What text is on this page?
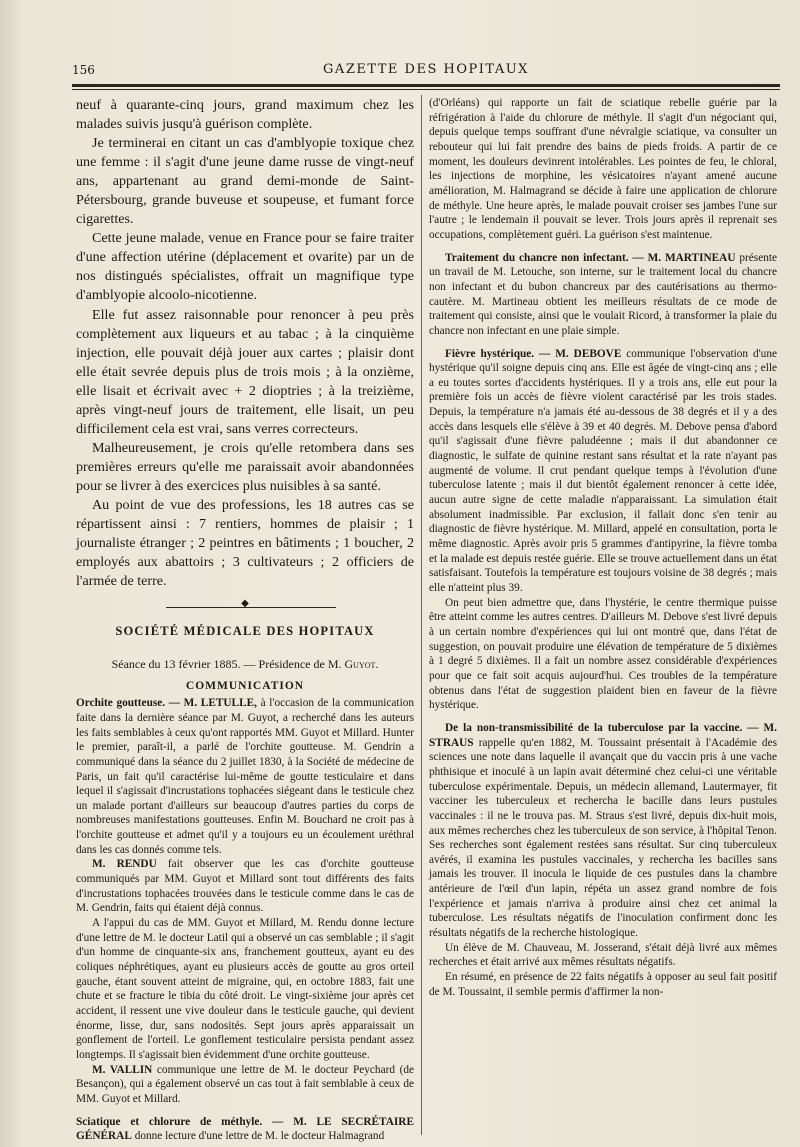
156	GAZETTE DES HOPITAUX

neuf à quarante-cinq jours, grand maximum chez les malades suivis jusqu'à guérison complète.

Je terminerai en citant un cas d'amblyopie toxique chez une femme : il s'agit d'une jeune dame russe de vingt-neuf ans, appartenant au grand demi-monde de Saint-Pétersbourg, grande buveuse et soupeuse, et fumant force cigarettes.

Cette jeune malade, venue en France pour se faire traiter d'une affection utérine (déplacement et ovarite) par un de nos distingués spécialistes, offrait un magnifique type d'amblyopie alcoolo-nicotienne.

Elle fut assez raisonnable pour renoncer à peu près complètement aux liqueurs et au tabac ; à la cinquième injection, elle pouvait déjà jouer aux cartes ; plaisir dont elle était sevrée depuis plus de trois mois ; à la onzième, elle lisait et écrivait avec + 2 dioptries ; à la treizième, après vingt-neuf jours de traitement, elle lisait, un peu difficilement cela est vrai, sans verres correcteurs.

Malheureusement, je crois qu'elle retombera dans ses premières erreurs qu'elle me paraissait avoir abandonnées pour se livrer à des exercices plus nuisibles à sa santé.

Au point de vue des professions, les 18 autres cas se répartissent ainsi : 7 rentiers, hommes de plaisir ; 1 journaliste étranger ; 2 peintres en bâtiments ; 1 boucher, 2 employés aux abattoirs ; 3 cultivateurs ; 2 officiers de l'armée de terre.

◆
SOCIÉTÉ MÉDICALE DES HOPITAUX
Séance du 13 février 1885. — Présidence de M. Guyot.
COMMUNICATION

Orchite goutteuse. — M. LETULLE, à l'occasion de la communication faite dans la dernière séance par M. Guyot, a recherché dans les auteurs les faits semblables à ceux qu'ont rapportés MM. Guyot et Millard. Hunter le premier, paraît-il, a parlé de l'orchite goutteuse. M. Gendrin a communiqué dans la séance du 2 juillet 1830, à la Société de médecine de Paris, un fait qu'il caractérise lui-même de goutte testiculaire et dans lequel il s'agissait d'incrustations tophacées siégeant dans le testicule chez un malade portant d'ailleurs sur beaucoup d'autres parties du corps de nombreuses manifestations goutteuses. Enfin M. Bouchard ne croit pas à l'orchite goutteuse et admet qu'il y a toujours eu un écoulement uréthral dans les cas donnés comme tels.

M. RENDU fait observer que les cas d'orchite goutteuse communiqués par MM. Guyot et Millard sont tout différents des faits d'incrustations tophacées trouvées dans le testicule comme dans le cas de M. Gendrin, faits qui étaient déjà connus.

A l'appui du cas de MM. Guyot et Millard, M. Rendu donne lecture d'une lettre de M. le docteur Latil qui a observé un cas semblable ; il s'agit d'un homme de cinquante-six ans, franchement goutteux, ayant eu des coliques néphrétiques, ayant eu plusieurs accès de goutte au gros orteil gauche, étant souvent atteint de migraine, qui, en octobre 1883, fait une chute et se fracture le tibia du côté droit. Le vingt-sixième jour après cet accident, il ressent une vive douleur dans le testicule gauche, qui devient énorme, lisse, dur, sans nodosités. Sept jours après apparaissait un gonflement de l'orteil. Le gonflement testiculaire persista pendant assez longtemps. Il s'agissait bien évidemment d'une orchite goutteuse.

M. VALLIN communique une lettre de M. le docteur Peychard (de Besançon), qui a également observé un cas tout à fait semblable à ceux de MM. Guyot et Millard.

Sciatique et chlorure de méthyle. — M. LE SECRÉTAIRE GÉNÉRAL donne lecture d'une lettre de M. le docteur Halmagrand

(d'Orléans) qui rapporte un fait de sciatique rebelle guérie par la réfrigération à l'aide du chlorure de méthyle. Il s'agit d'un négociant qui, depuis quelque temps souffrant d'une névralgie sciatique, va consulter un rebouteur qui lui fait prendre des bains de pieds froids. A partir de ce moment, les douleurs devinrent intolérables. Les pointes de feu, le chloral, les injections de morphine, les vésicatoires n'ayant amené aucune amélioration, M. Halmagrand se décide à faire une application de chlorure de méthyle. Une heure après, le malade pouvait croiser ses jambes l'une sur l'autre ; le lendemain il pouvait se lever. Trois jours après il reprenait ses occupations, complètement guéri. La guérison s'est maintenue.

Traitement du chancre non infectant. — M. MARTINEAU présente un travail de M. Letouche, son interne, sur le traitement local du chancre non infectant et du bubon chancreux par des cautérisations au thermo-cautère. M. Martineau obtient les meilleurs résultats de ce mode de traitement qui consiste, ainsi que le voulait Ricord, à transformer la plaie du chancre non infectant en une plaie simple.

Fièvre hystérique. — M. DEBOVE communique l'observation d'une hystérique qu'il soigne depuis cinq ans. Elle est âgée de vingt-cinq ans ; elle a eu toutes sortes d'accidents hystériques. Il y a trois ans, elle eut pour la première fois un accès de fièvre violent caractérisé par les trois stades. Depuis, la température n'a jamais été au-dessous de 38 degrés et il y a des accès dans lesquels elle s'élève à 39 et 40 degrés. M. Debove pensa d'abord qu'il s'agissait d'une fièvre paludéenne ; mais il dut abandonner ce diagnostic, le sulfate de quinine restant sans résultat et la rate n'ayant pas augmenté de volume. Il crut pendant quelque temps à l'évolution d'une tuberculose latente ; mais il dut bientôt également renoncer à cette idée, aucun autre signe de cette maladie n'apparaissant. La simulation était absolument inadmissible. Par exclusion, il fallait donc s'en tenir au diagnostic de fièvre hystérique. M. Millard, appelé en consultation, porta le même diagnostic. Après avoir pris 5 grammes d'antipyrine, la fièvre tomba et la malade est depuis restée guérie. Elle se trouve actuellement dans un état satisfaisant. Toutefois la température est toujours voisine de 38 degrés ; mais elle n'atteint plus 39.

On peut bien admettre que, dans l'hystérie, le centre thermique puisse être atteint comme les autres centres. D'ailleurs M. Debove s'est livré depuis à un certain nombre d'expériences qui lui ont montré que, dans l'état de suggestion, on pouvait produire une élévation de température de 5 dixièmes à 1 degré 5 dixièmes. Il a fait un nombre assez considérable d'expériences pour que ce fait soit acquis aujourd'hui. Ces troubles de la température obtenus dans l'état de suggestion plaident bien en faveur de la fièvre hystérique.

De la non-transmissibilité de la tuberculose par la vaccine. — M. STRAUS rappelle qu'en 1882, M. Toussaint présentait à l'Académie des sciences une note dans laquelle il avançait que du vaccin pris à une vache phthisique et inoculé à un lapin avait déterminé chez celui-ci une véritable tuberculose expérimentale. Depuis, un médecin allemand, Lautermayer, fit vacciner les tuberculeux et rechercha le bacille dans leurs pustules vaccinales : il ne le trouva pas. M. Straus s'est livré, depuis dix-huit mois, aux mêmes recherches chez les tuberculeux de son service, à l'hôpital Tenon. Ses recherches sont également restées sans résultat. Sur cinq tuberculeux avérés, il examina les pustules vaccinales, y rechercha les bacilles sans jamais les trouver. Il inocula le liquide de ces pustules dans la chambre antérieure de l'œil d'un lapin, répéta un assez grand nombre de fois l'expérience et jamais n'arriva à produire ainsi chez cet animal la tuberculose. Les résultats négatifs de l'inoculation confirment donc les résultats négatifs de la recherche histologique.

Un élève de M. Chauveau, M. Josserand, s'était déjà livré aux mêmes recherches et était arrivé aux mêmes résultats négatifs.

En résumé, en présence de 22 faits négatifs à opposer au seul fait positif de M. Toussaint, il semble permis d'affirmer la non-
